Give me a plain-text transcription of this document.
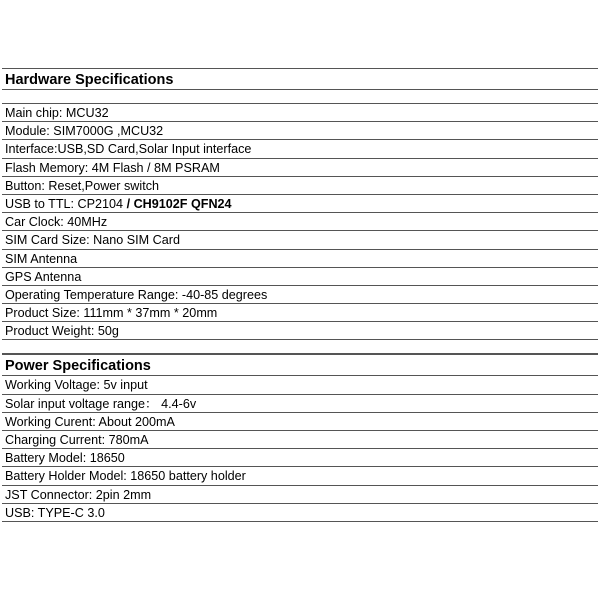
Hardware Specifications
Main chip: MCU32
Module: SIM7000G ,MCU32
Interface:USB,SD Card,Solar Input interface
Flash Memory: 4M Flash / 8M PSRAM
Button: Reset,Power switch
USB to TTL: CP2104 / CH9102F QFN24
Car Clock: 40MHz
SIM Card Size: Nano SIM Card
SIM Antenna
GPS Antenna
Operating Temperature Range: -40-85 degrees
Product Size: 111mm * 37mm * 20mm
Product Weight: 50g
Power Specifications
Working Voltage: 5v input
Solar input voltage range： 4.4-6v
Working Curent: About 200mA
Charging Current: 780mA
Battery Model: 18650
Battery Holder Model: 18650 battery holder
JST Connector: 2pin 2mm
USB: TYPE-C 3.0
